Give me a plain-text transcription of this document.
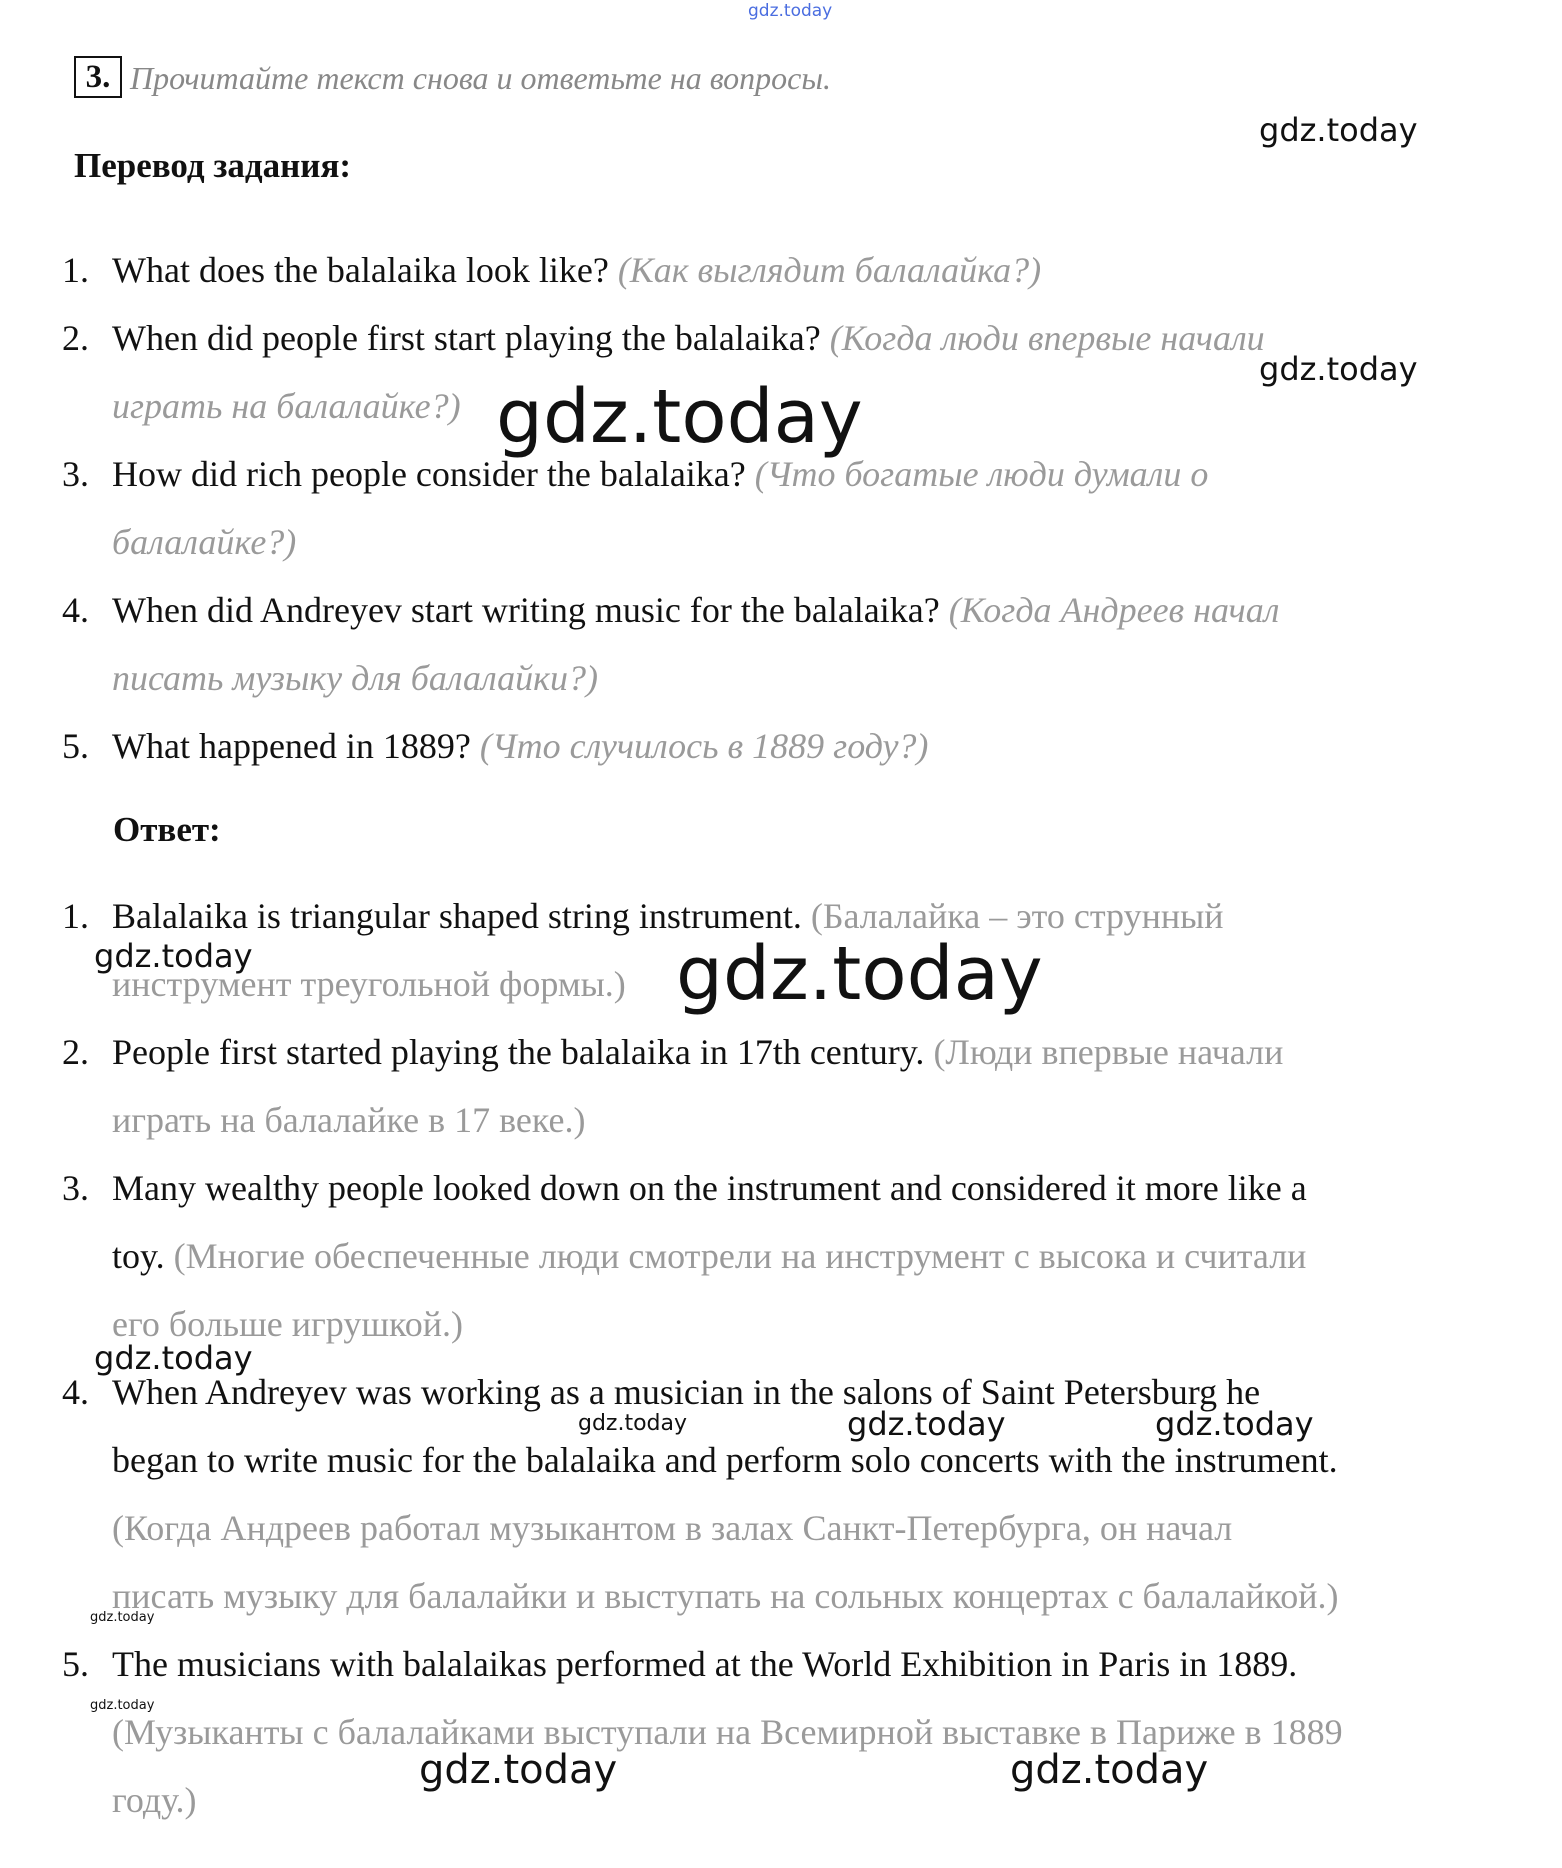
gdz.today
3. Прочитайте текст снова и ответьте на вопросы.
gdz.today
Перевод задания:
1. What does the balalaika look like? (Как выглядит балалайка?)
2. When did people first start playing the balalaika? (Когда люди впервые начали
играть на балалайке?)
3. How did rich people consider the balalaika? (Что богатые люди думали о
балалайке?)
4. When did Andreyev start writing music for the balalaika? (Когда Андреев начал
писать музыку для балалайки?)
5. What happened in 1889? (Что случилось в 1889 году?)
gdz.today
gdz.today
Ответ:
1. Balalaika is triangular shaped string instrument. (Балалайка – это струнный
инструмент треугольной формы.)
2. People first started playing the balalaika in 17th century. (Люди впервые начали
играть на балалайке в 17 веке.)
3. Many wealthy people looked down on the instrument and considered it more like a
toy. (Многие обеспеченные люди смотрели на инструмент с высока и считали
его больше игрушкой.)
4. When Andreyev was working as a musician in the salons of Saint Petersburg he
began to write music for the balalaika and perform solo concerts with the instrument.
(Когда Андреев работал музыкантом в залах Санкт-Петербурга, он начал
писать музыку для балалайки и выступать на сольных концертах с балалайкой.)
5. The musicians with balalaikas performed at the World Exhibition in Paris in 1889.
(Музыканты с балалайками выступали на Всемирной выставке в Париже в 1889
году.)
gdz.today	gdz.today
gdz.today
gdz.today	gdz.today	gdz.today
gdz.today
gdz.today
gdz.today	gdz.today
